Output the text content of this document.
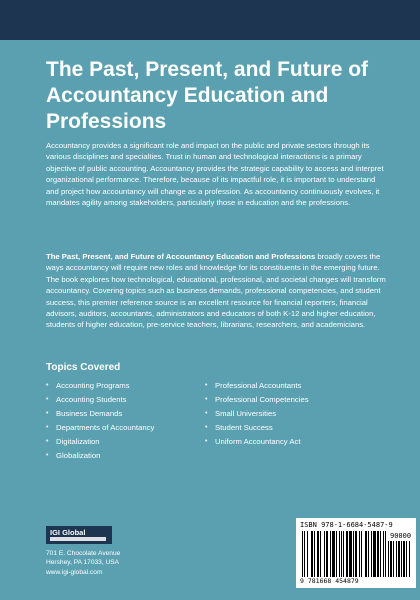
The Past, Present, and Future of Accountancy Education and Professions

Accountancy provides a significant role and impact on the public and private sectors through its various disciplines and specialties. Trust in human and technological interactions is a primary objective of public accounting. Accountancy provides the strategic capability to access and interpret organizational performance. Therefore, because of its impactful role, it is important to understand and project how accountancy will change as a profession. As accountancy continuously evolves, it mandates agility among stakeholders, particularly those in education and the professions.

The Past, Present, and Future of Accountancy Education and Professions broadly covers the ways accountancy will require new roles and knowledge for its constituents in the emerging future. The book explores how technological, educational, professional, and societal changes will transform accountancy. Covering topics such as business demands, professional competencies, and student success, this premier reference source is an excellent resource for financial reporters, financial advisors, auditors, accountants, administrators and educators of both K-12 and higher education, students of higher education, pre-service teachers, librarians, researchers, and academicians.

Topics Covered
• Accounting Programs
• Accounting Students
• Business Demands
• Departments of Accountancy
• Digitalization
• Globalization
• Professional Accountants
• Professional Competencies
• Small Universities
• Student Success
• Uniform Accountancy Act
IGI Global
701 E. Chocolate Avenue
Hershey, PA 17033, USA
www.igi-global.com
ISBN 978-1-6684-5487-9
90000
9 781668 454879
